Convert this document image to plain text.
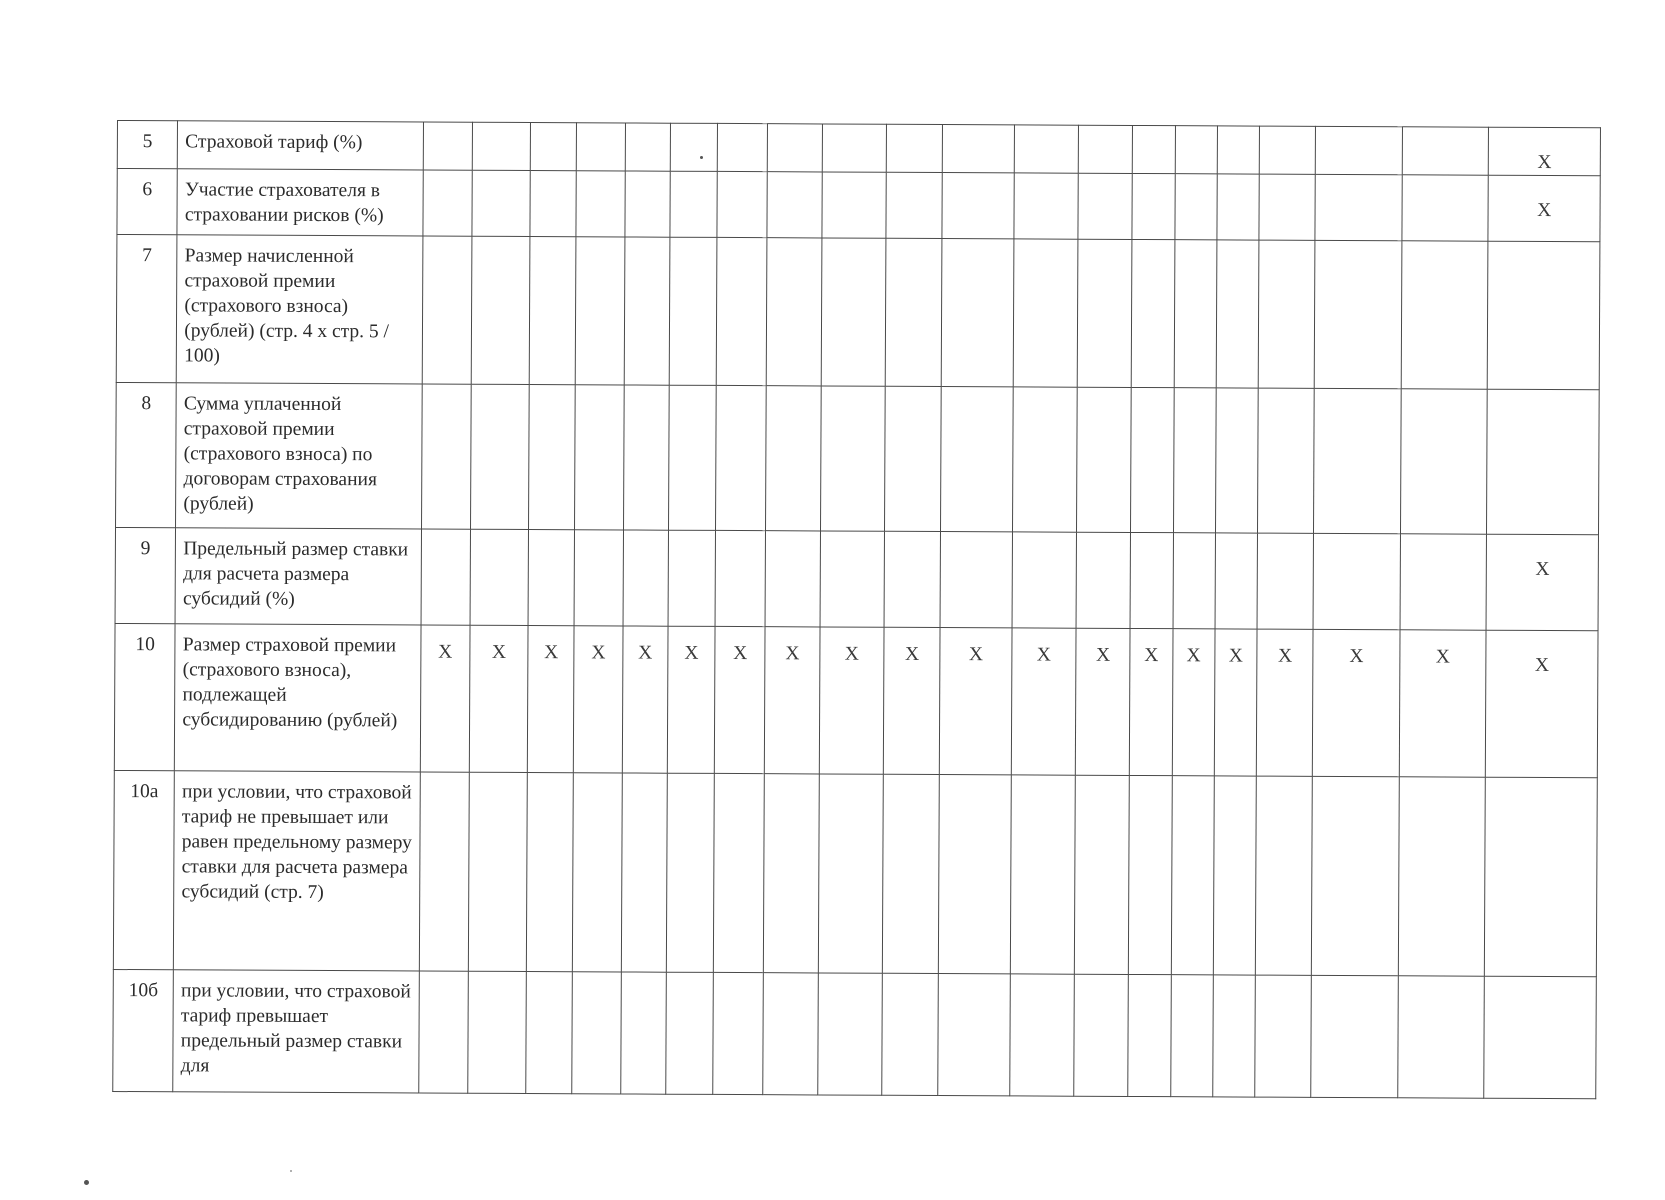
5	Страховой тариф (%)																				X
6	Участие страхователя в страховании рисков (%)																				X
7	Размер начисленной страховой премии (страхового взноса) (рублей) (стр. 4 x стр. 5 / 100)																				
8	Сумма уплаченной страховой премии (страхового взноса) по договорам страхования (рублей)																				
9	Предельный размер ставки для расчета размера субсидий (%)																				X
10	Размер страховой премии (страхового взноса), подлежащей субсидированию (рублей)	X	X	X	X	X	X	X	X	X	X	X	X	X	X	X	X	X	X	X	X
10а	при условии, что страховой тариф не превышает или равен предельному размеру ставки для расчета размера субсидий (стр. 7)																				
10б	при условии, что страховой тариф превышает предельный размер ставки для																				
